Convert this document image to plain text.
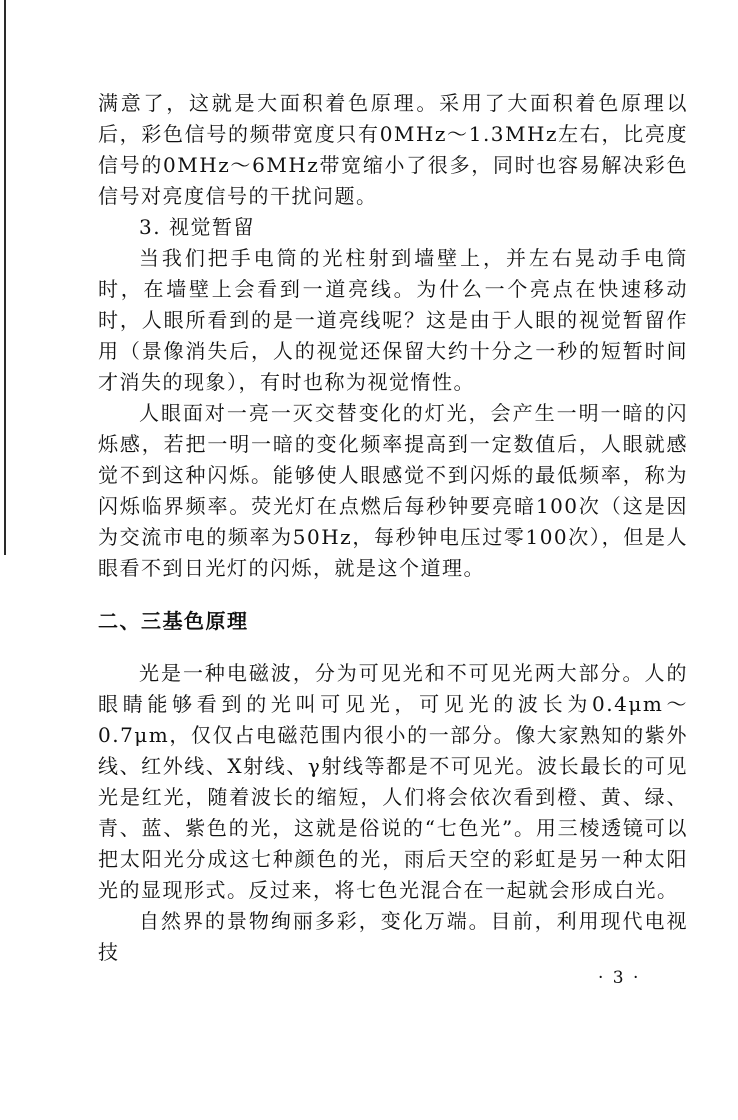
满意了，这就是大面积着色原理。采用了大面积着色原理以后，彩色信号的频带宽度只有0MHz～1.3MHz左右，比亮度信号的0MHz～6MHz带宽缩小了很多，同时也容易解决彩色信号对亮度信号的干扰问题。

3. 视觉暂留

当我们把手电筒的光柱射到墙壁上，并左右晃动手电筒时，在墙壁上会看到一道亮线。为什么一个亮点在快速移动时，人眼所看到的是一道亮线呢？这是由于人眼的视觉暂留作用（景像消失后，人的视觉还保留大约十分之一秒的短暂时间才消失的现象），有时也称为视觉惰性。

人眼面对一亮一灭交替变化的灯光，会产生一明一暗的闪烁感，若把一明一暗的变化频率提高到一定数值后，人眼就感觉不到这种闪烁。能够使人眼感觉不到闪烁的最低频率，称为闪烁临界频率。荧光灯在点燃后每秒钟要亮暗100次（这是因为交流市电的频率为50Hz，每秒钟电压过零100次），但是人眼看不到日光灯的闪烁，就是这个道理。

二、三基色原理

光是一种电磁波，分为可见光和不可见光两大部分。人的眼睛能够看到的光叫可见光，可见光的波长为0.4μm～0.7μm，仅仅占电磁范围内很小的一部分。像大家熟知的紫外线、红外线、X射线、γ射线等都是不可见光。波长最长的可见光是红光，随着波长的缩短，人们将会依次看到橙、黄、绿、青、蓝、紫色的光，这就是俗说的“七色光”。用三棱透镜可以把太阳光分成这七种颜色的光，雨后天空的彩虹是另一种太阳光的显现形式。反过来，将七色光混合在一起就会形成白光。

自然界的景物绚丽多彩，变化万端。目前，利用现代电视技

· 3 ·
